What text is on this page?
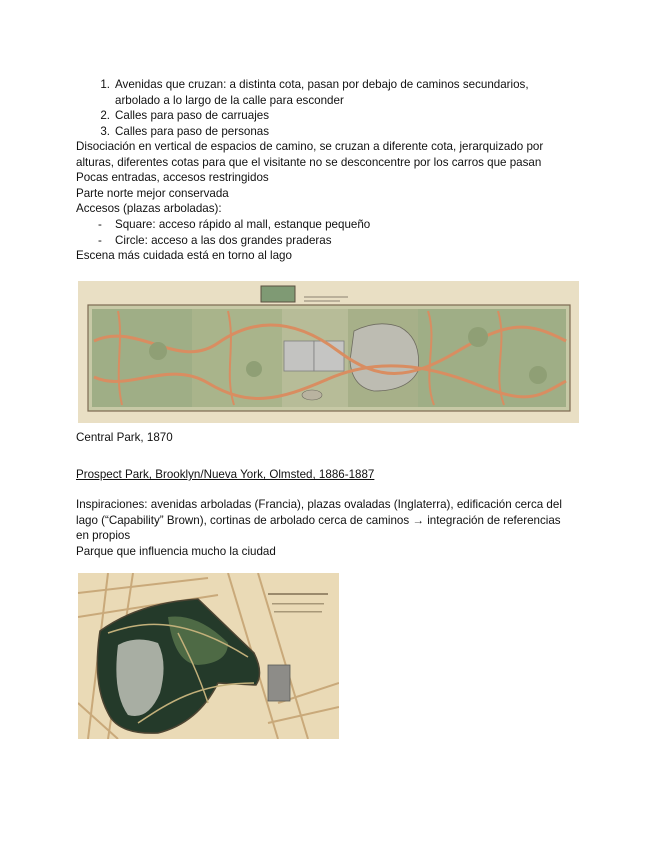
1. Avenidas que cruzan: a distinta cota, pasan por debajo de caminos secundarios,
arbolado a lo largo de la calle para esconder
2. Calles para paso de carruajes
3. Calles para paso de personas
Disociación en vertical de espacios de camino, se cruzan a diferente cota, jerarquizado por
alturas, diferentes cotas para que el visitante no se desconcentre por los carros que pasan
Pocas entradas, accesos restringidos
Parte norte mejor conservada
Accesos (plazas arboladas):
- Square: acceso rápido al mall, estanque pequeño
- Circle: acceso a las dos grandes praderas
Escena más cuidada está en torno al lago
Central Park, 1870
Prospect Park, Brooklyn/Nueva York, Olmsted, 1886-1887
Inspiraciones: avenidas arboladas (Francia), plazas ovaladas (Inglaterra), edificación cerca del
lago (“Capability” Brown), cortinas de arbolado cerca de caminos → integración de referencias
en propios
Parque que influencia mucho la ciudad
